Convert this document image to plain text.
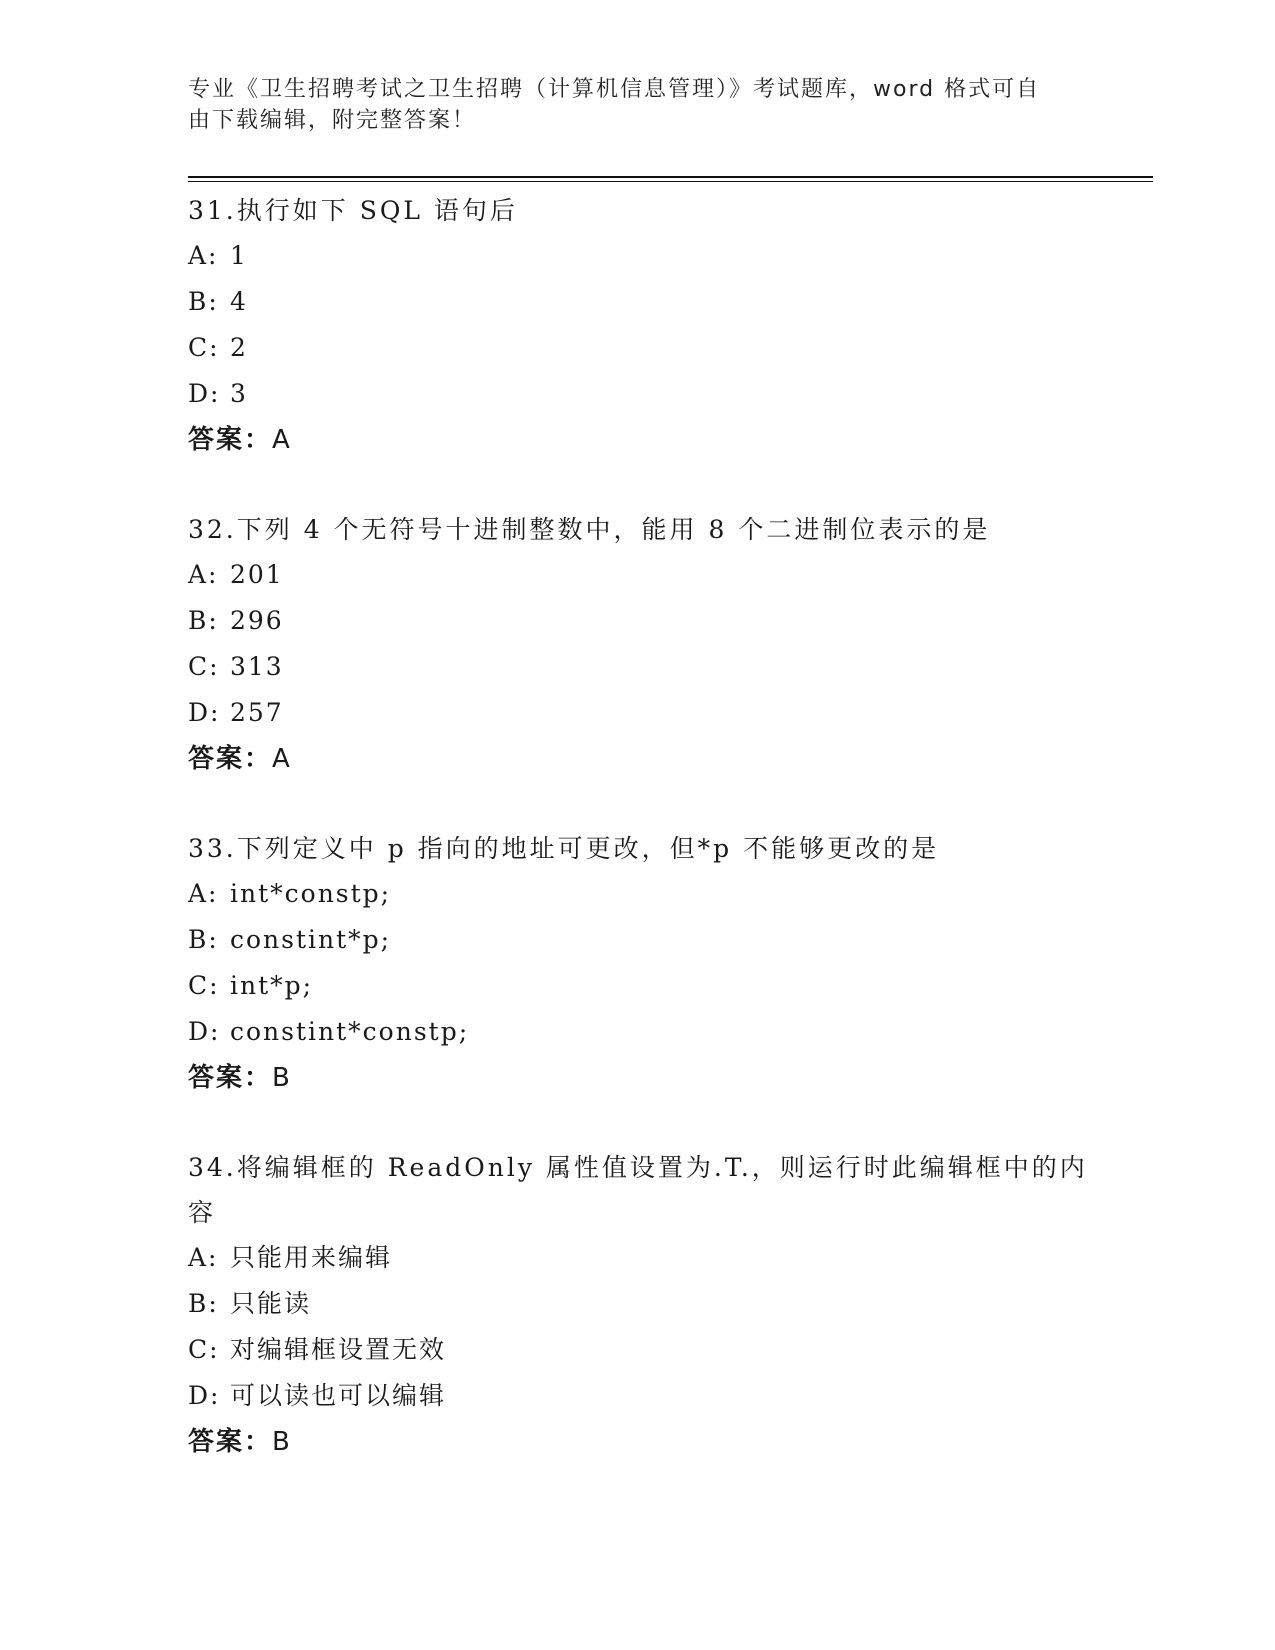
专业《卫生招聘考试之卫生招聘（计算机信息管理）》考试题库，word 格式可自
由下载编辑，附完整答案！
31.执行如下 SQL 语句后
A: 1
B: 4
C: 2
D: 3
答案：A
32.下列 4 个无符号十进制整数中，能用 8 个二进制位表示的是
A: 201
B: 296
C: 313
D: 257
答案：A
33.下列定义中 p 指向的地址可更改，但*p 不能够更改的是
A: int*constp;
B: constint*p;
C: int*p;
D: constint*constp;
答案：B
34.将编辑框的 ReadOnly 属性值设置为.T.，则运行时此编辑框中的内
容
A: 只能用来编辑
B: 只能读
C: 对编辑框设置无效
D: 可以读也可以编辑
答案：B
